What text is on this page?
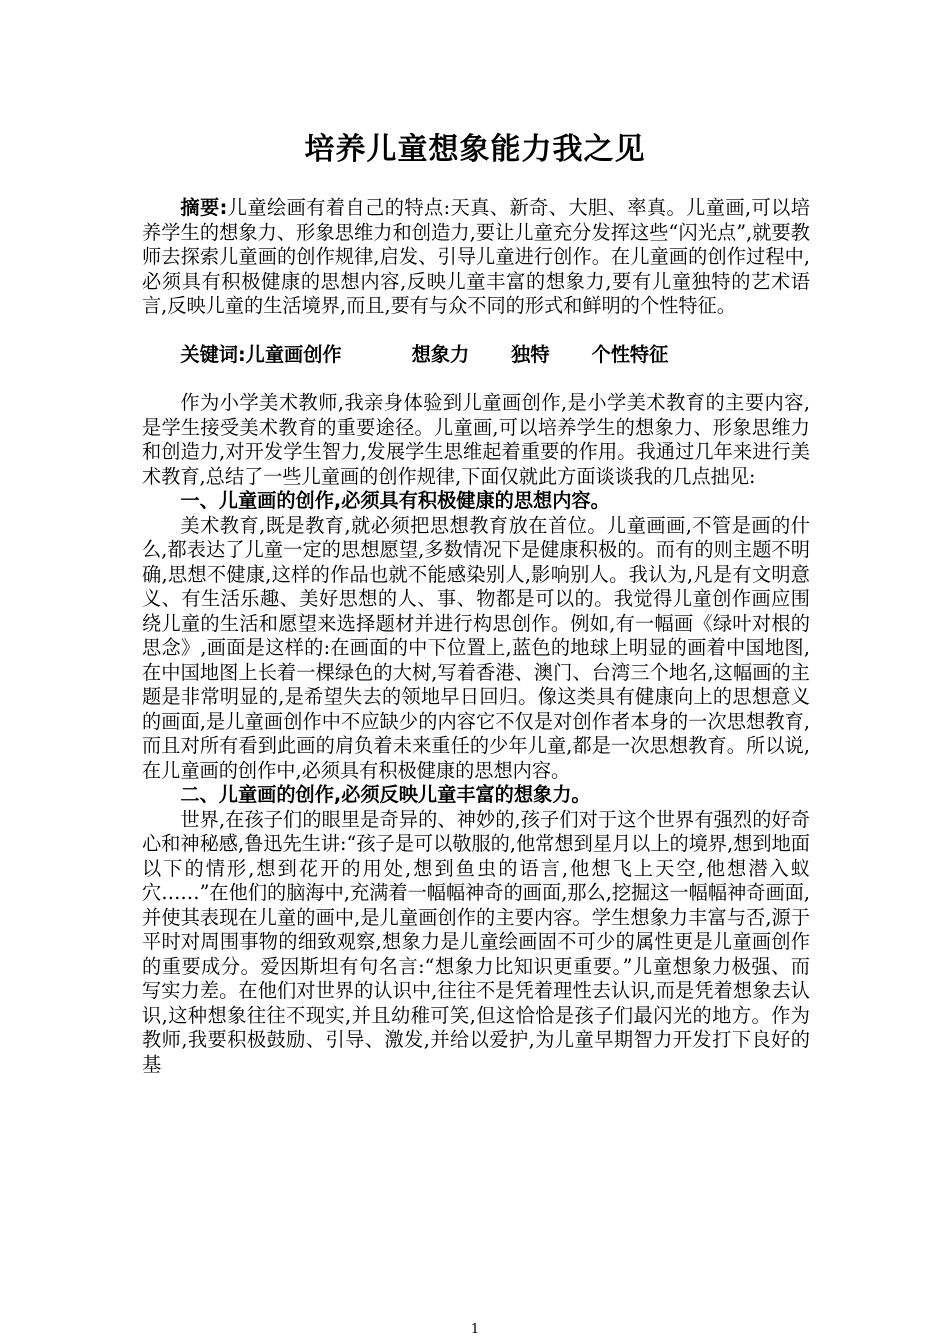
培养儿童想象能力我之见

摘要:儿童绘画有着自己的特点:天真、新奇、大胆、率真。儿童画,可以培养学生的想象力、形象思维力和创造力,要让儿童充分发挥这些“闪光点”,就要教师去探索儿童画的创作规律,启发、引导儿童进行创作。在儿童画的创作过程中,必须具有积极健康的思想内容,反映儿童丰富的想象力,要有儿童独特的艺术语言,反映儿童的生活境界,而且,要有与众不同的形式和鲜明的个性特征。

关键词:儿童画创作	想象力 独特 个性特征

作为小学美术教师,我亲身体验到儿童画创作,是小学美术教育的主要内容,是学生接受美术教育的重要途径。儿童画,可以培养学生的想象力、形象思维力和创造力,对开发学生智力,发展学生思维起着重要的作用。我通过几年来进行美术教育,总结了一些儿童画的创作规律,下面仅就此方面谈谈我的几点拙见:

一、儿童画的创作,必须具有积极健康的思想内容。

美术教育,既是教育,就必须把思想教育放在首位。儿童画画,不管是画的什么,都表达了儿童一定的思想愿望,多数情况下是健康积极的。而有的则主题不明确,思想不健康,这样的作品也就不能感染别人,影响别人。我认为,凡是有文明意义、有生活乐趣、美好思想的人、事、物都是可以的。我觉得儿童创作画应围绕儿童的生活和愿望来选择题材并进行构思创作。例如,有一幅画《绿叶对根的思念》,画面是这样的:在画面的中下位置上,蓝色的地球上明显的画着中国地图,在中国地图上长着一棵绿色的大树,写着香港、澳门、台湾三个地名,这幅画的主题是非常明显的,是希望失去的领地早日回归。像这类具有健康向上的思想意义的画面,是儿童画创作中不应缺少的内容它不仅是对创作者本身的一次思想教育,而且对所有看到此画的肩负着未来重任的少年儿童,都是一次思想教育。所以说,在儿童画的创作中,必须具有积极健康的思想内容。

二、儿童画的创作,必须反映儿童丰富的想象力。

世界,在孩子们的眼里是奇异的、神妙的,孩子们对于这个世界有强烈的好奇心和神秘感,鲁迅先生讲:“孩子是可以敬服的,他常想到星月以上的境界,想到地面以下的情形,想到花开的用处,想到鱼虫的语言,他想飞上天空,他想潜入蚁穴……”在他们的脑海中,充满着一幅幅神奇的画面,那么,挖掘这一幅幅神奇画面,并使其表现在儿童的画中,是儿童画创作的主要内容。学生想象力丰富与否,源于平时对周围事物的细致观察,想象力是儿童绘画固不可少的属性更是儿童画创作的重要成分。爱因斯坦有句名言:“想象力比知识更重要。”儿童想象力极强、而写实力差。在他们对世界的认识中,往往不是凭着理性去认识,而是凭着想象去认识,这种想象往往不现实,并且幼稚可笑,但这恰恰是孩子们最闪光的地方。作为教师,我要积极鼓励、引导、激发,并给以爱护,为儿童早期智力开发打下良好的基

1
